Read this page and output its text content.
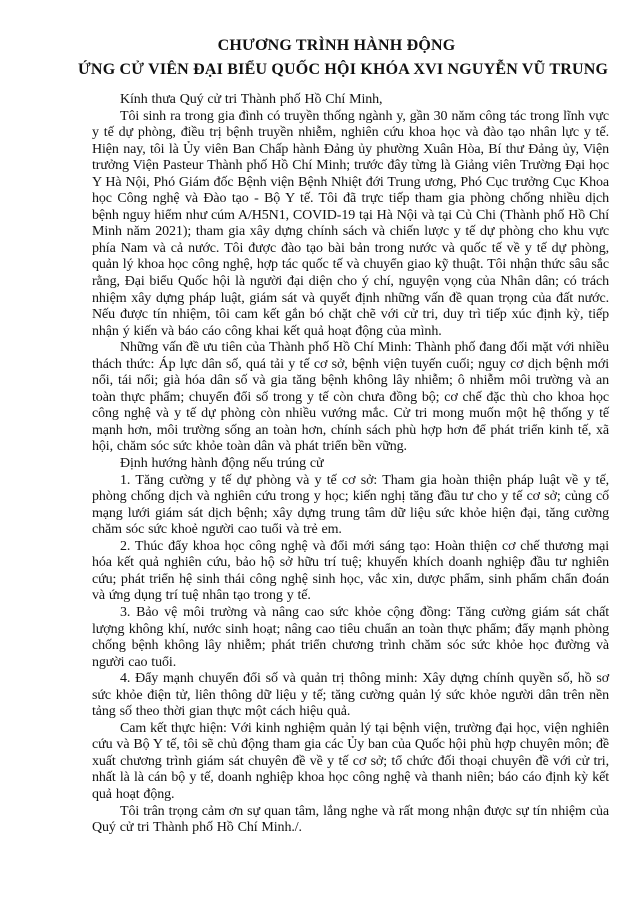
CHƯƠNG TRÌNH HÀNH ĐỘNG
ỨNG CỬ VIÊN ĐẠI BIỂU QUỐC HỘI KHÓA XVI NGUYỄN VŨ TRUNG

Kính thưa Quý cử tri Thành phố Hồ Chí Minh,

Tôi sinh ra trong gia đình có truyền thống ngành y, gần 30 năm công tác trong lĩnh vực y tế dự phòng, điều trị bệnh truyền nhiễm, nghiên cứu khoa học và đào tạo nhân lực y tế. Hiện nay, tôi là Ủy viên Ban Chấp hành Đảng ủy phường Xuân Hòa, Bí thư Đảng ủy, Viện trưởng Viện Pasteur Thành phố Hồ Chí Minh; trước đây từng là Giảng viên Trường Đại học Y Hà Nội, Phó Giám đốc Bệnh viện Bệnh Nhiệt đới Trung ương, Phó Cục trưởng Cục Khoa học Công nghệ và Đào tạo - Bộ Y tế. Tôi đã trực tiếp tham gia phòng chống nhiều dịch bệnh nguy hiểm như cúm A/H5N1, COVID-19 tại Hà Nội và tại Củ Chi (Thành phố Hồ Chí Minh năm 2021); tham gia xây dựng chính sách và chiến lược y tế dự phòng cho khu vực phía Nam và cả nước. Tôi được đào tạo bài bản trong nước và quốc tế về y tế dự phòng, quản lý khoa học công nghệ, hợp tác quốc tế và chuyển giao kỹ thuật. Tôi nhận thức sâu sắc rằng, Đại biểu Quốc hội là người đại diện cho ý chí, nguyện vọng của Nhân dân; có trách nhiệm xây dựng pháp luật, giám sát và quyết định những vấn đề quan trọng của đất nước. Nếu được tín nhiệm, tôi cam kết gắn bó chặt chẽ với cử tri, duy trì tiếp xúc định kỳ, tiếp nhận ý kiến và báo cáo công khai kết quả hoạt động của mình.

Những vấn đề ưu tiên của Thành phố Hồ Chí Minh: Thành phố đang đối mặt với nhiều thách thức: Áp lực dân số, quá tải y tế cơ sở, bệnh viện tuyến cuối; nguy cơ dịch bệnh mới nổi, tái nổi; già hóa dân số và gia tăng bệnh không lây nhiễm; ô nhiễm môi trường và an toàn thực phẩm; chuyển đổi số trong y tế còn chưa đồng bộ; cơ chế đặc thù cho khoa học công nghệ và y tế dự phòng còn nhiều vướng mắc. Cử tri mong muốn một hệ thống y tế mạnh hơn, môi trường sống an toàn hơn, chính sách phù hợp hơn để phát triển kinh tế, xã hội, chăm sóc sức khỏe toàn dân và phát triển bền vững.

Định hướng hành động nếu trúng cử

1. Tăng cường y tế dự phòng và y tế cơ sở: Tham gia hoàn thiện pháp luật về y tế, phòng chống dịch và nghiên cứu trong y học; kiến nghị tăng đầu tư cho y tế cơ sở; củng cố mạng lưới giám sát dịch bệnh; xây dựng trung tâm dữ liệu sức khỏe hiện đại, tăng cường chăm sóc sức khoẻ người cao tuổi và trẻ em.

2. Thúc đẩy khoa học công nghệ và đổi mới sáng tạo: Hoàn thiện cơ chế thương mại hóa kết quả nghiên cứu, bảo hộ sở hữu trí tuệ; khuyến khích doanh nghiệp đầu tư nghiên cứu; phát triển hệ sinh thái công nghệ sinh học, vắc xin, dược phẩm, sinh phẩm chẩn đoán và ứng dụng trí tuệ nhân tạo trong y tế.

3. Bảo vệ môi trường và nâng cao sức khỏe cộng đồng: Tăng cường giám sát chất lượng không khí, nước sinh hoạt; nâng cao tiêu chuẩn an toàn thực phẩm; đẩy mạnh phòng chống bệnh không lây nhiễm; phát triển chương trình chăm sóc sức khỏe học đường và người cao tuổi.

4. Đẩy mạnh chuyển đổi số và quản trị thông minh: Xây dựng chính quyền số, hồ sơ sức khỏe điện tử, liên thông dữ liệu y tế; tăng cường quản lý sức khỏe người dân trên nền tảng số theo thời gian thực một cách hiệu quả.

Cam kết thực hiện: Với kinh nghiệm quản lý tại bệnh viện, trường đại học, viện nghiên cứu và Bộ Y tế, tôi sẽ chủ động tham gia các Ủy ban của Quốc hội phù hợp chuyên môn; đề xuất chương trình giám sát chuyên đề về y tế cơ sở; tổ chức đối thoại chuyên đề với cử tri, nhất là là cán bộ y tế, doanh nghiệp khoa học công nghệ và thanh niên; báo cáo định kỳ kết quả hoạt động.

Tôi trân trọng cảm ơn sự quan tâm, lắng nghe và rất mong nhận được sự tín nhiệm của Quý cử tri Thành phố Hồ Chí Minh./.
